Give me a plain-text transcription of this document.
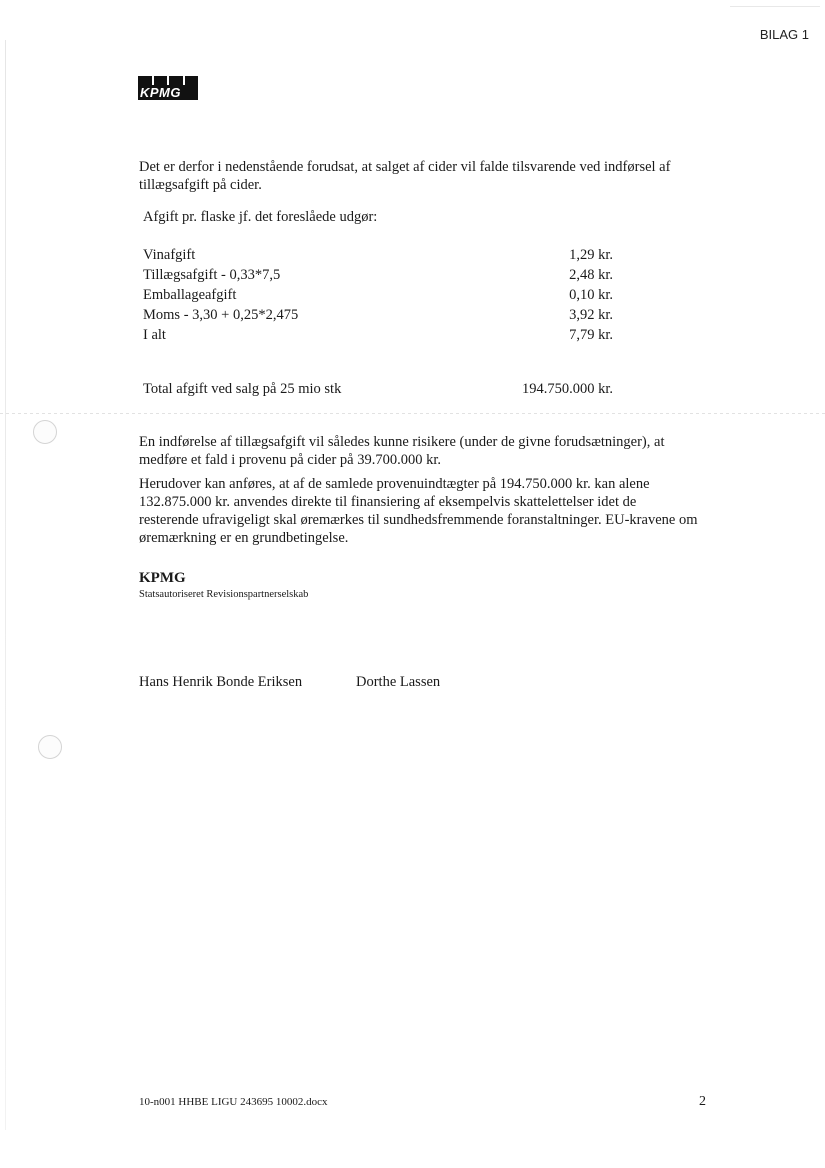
BILAG 1
KPMG

Det er derfor i nedenstående forudsat, at salget af cider vil falde tilsvarende ved indførsel af tillægsafgift på cider.

Afgift pr. flaske jf. det foreslåede udgør:

Vinafgift	1,29 kr.
Tillægsafgift - 0,33*7,5	2,48 kr.
Emballageafgift	0,10 kr.
Moms - 3,30 + 0,25*2,475	3,92 kr.
I alt	7,79 kr.
Total afgift ved salg på 25 mio stk	194.750.000 kr.

En indførelse af tillægsafgift vil således kunne risikere (under de givne forudsætninger), at medføre et fald i provenu på cider på 39.700.000 kr.

Herudover kan anføres, at af de samlede provenuindtægter på 194.750.000 kr. kan alene 132.875.000 kr. anvendes direkte til finansiering af eksempelvis skattelettelser idet de resterende ufravigeligt skal øremærkes til sundhedsfremmende foranstaltninger. EU-kravene om øremærkning er en grundbetingelse.

KPMG
Statsautoriseret Revisionspartnerselskab
Hans Henrik Bonde Eriksen	Dorthe Lassen
10-n001 HHBE LIGU 243695 10002.docx	2
